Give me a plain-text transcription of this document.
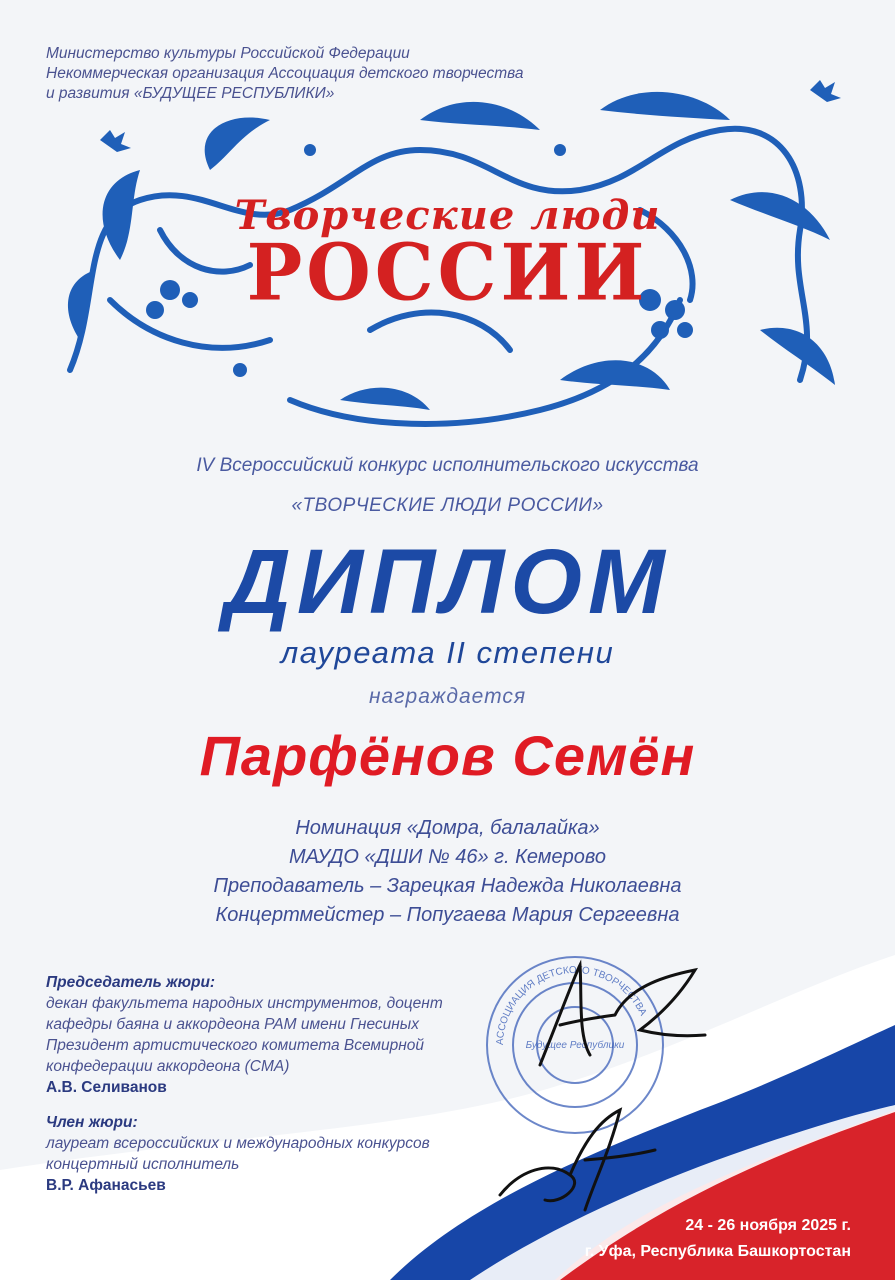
Министерство культуры Российской Федерации
Некоммерческая организация Ассоциация детского творчества
и развития «БУДУЩЕЕ РЕСПУБЛИКИ»
Творческие люди
РОССИИ
IV Всероссийский конкурс исполнительского искусства
«ТВОРЧЕСКИЕ ЛЮДИ РОССИИ»
ДИПЛОМ
лауреата II степени
награждается
Парфёнов Семён
Номинация «Домра, балалайка»
МАУДО «ДШИ № 46» г. Кемерово
Преподаватель – Зарецкая Надежда Николаевна
Концертмейстер – Попугаева Мария Сергеевна
Председатель жюри:
декан факультета народных инструментов, доцент
кафедры баяна и аккордеона РАМ имени Гнесиных
Президент артистического комитета Всемирной
конфедерации аккордеона (CMA)
А.В. Селиванов
Член жюри:
лауреат всероссийских и международных конкурсов
концертный исполнитель
В.Р. Афанасьев
АССОЦИАЦИЯ ДЕТСКОГО ТВОРЧЕСТВА
Будущее Республики
24 - 26 ноября 2025 г.
г. Уфа, Республика Башкортостан
